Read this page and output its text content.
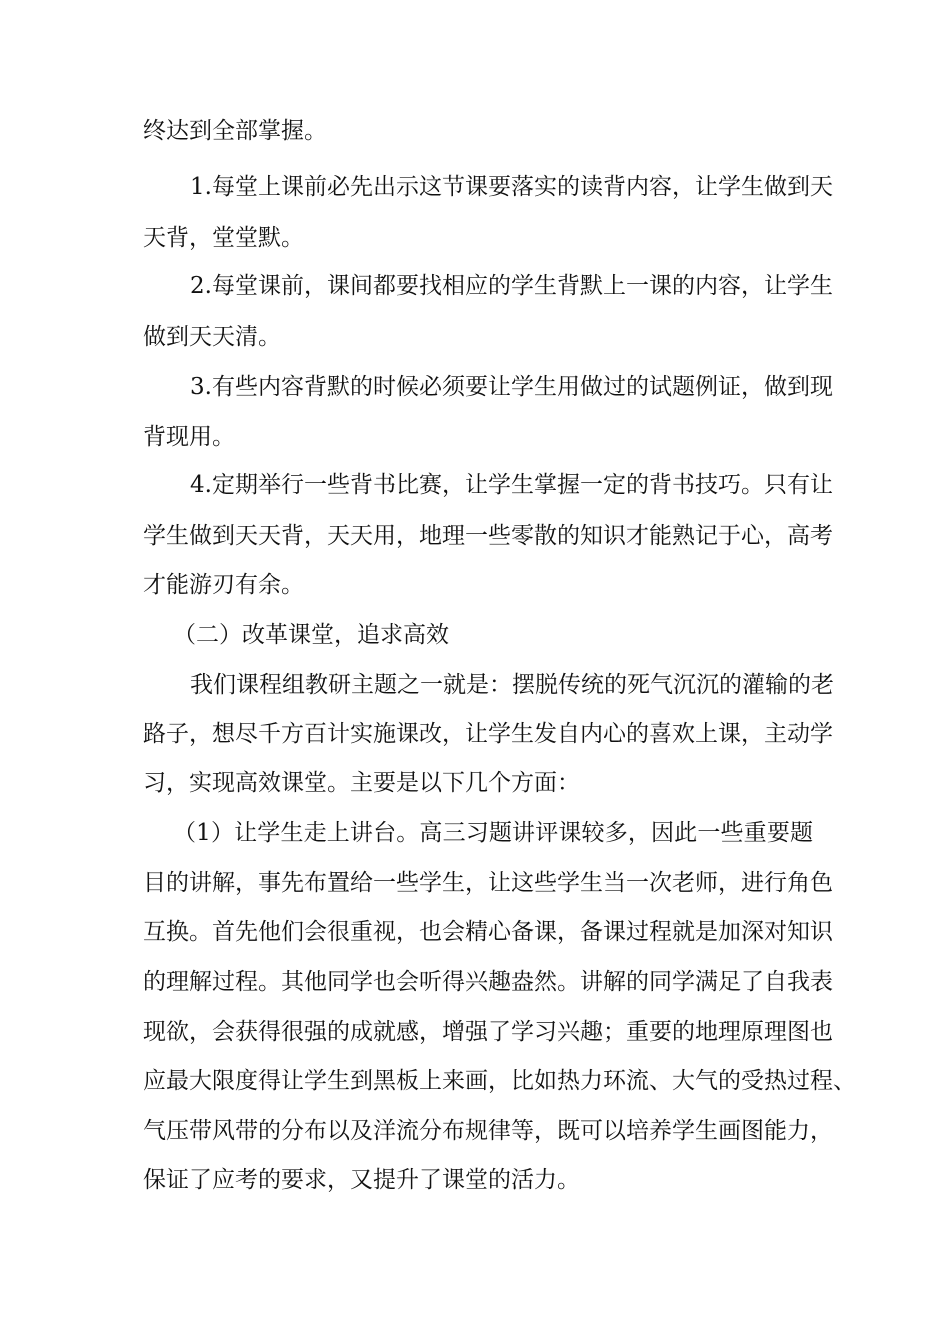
终达到全部掌握。
1.每堂上课前必先出示这节课要落实的读背内容，让学生做到天
天背，堂堂默。
2.每堂课前，课间都要找相应的学生背默上一课的内容，让学生
做到天天清。
3.有些内容背默的时候必须要让学生用做过的试题例证，做到现
背现用。
4.定期举行一些背书比赛，让学生掌握一定的背书技巧。只有让
学生做到天天背，天天用，地理一些零散的知识才能熟记于心，高考
才能游刃有余。
（二）改革课堂，追求高效
我们课程组教研主题之一就是：摆脱传统的死气沉沉的灌输的老
路子，想尽千方百计实施课改，让学生发自内心的喜欢上课，主动学
习，实现高效课堂。主要是以下几个方面：
（1）让学生走上讲台。高三习题讲评课较多，因此一些重要题
目的讲解，事先布置给一些学生，让这些学生当一次老师，进行角色
互换。首先他们会很重视，也会精心备课，备课过程就是加深对知识
的理解过程。其他同学也会听得兴趣盎然。讲解的同学满足了自我表
现欲，会获得很强的成就感，增强了学习兴趣；重要的地理原理图也
应最大限度得让学生到黑板上来画，比如热力环流、大气的受热过程、
气压带风带的分布以及洋流分布规律等，既可以培养学生画图能力，
保证了应考的要求，又提升了课堂的活力。
